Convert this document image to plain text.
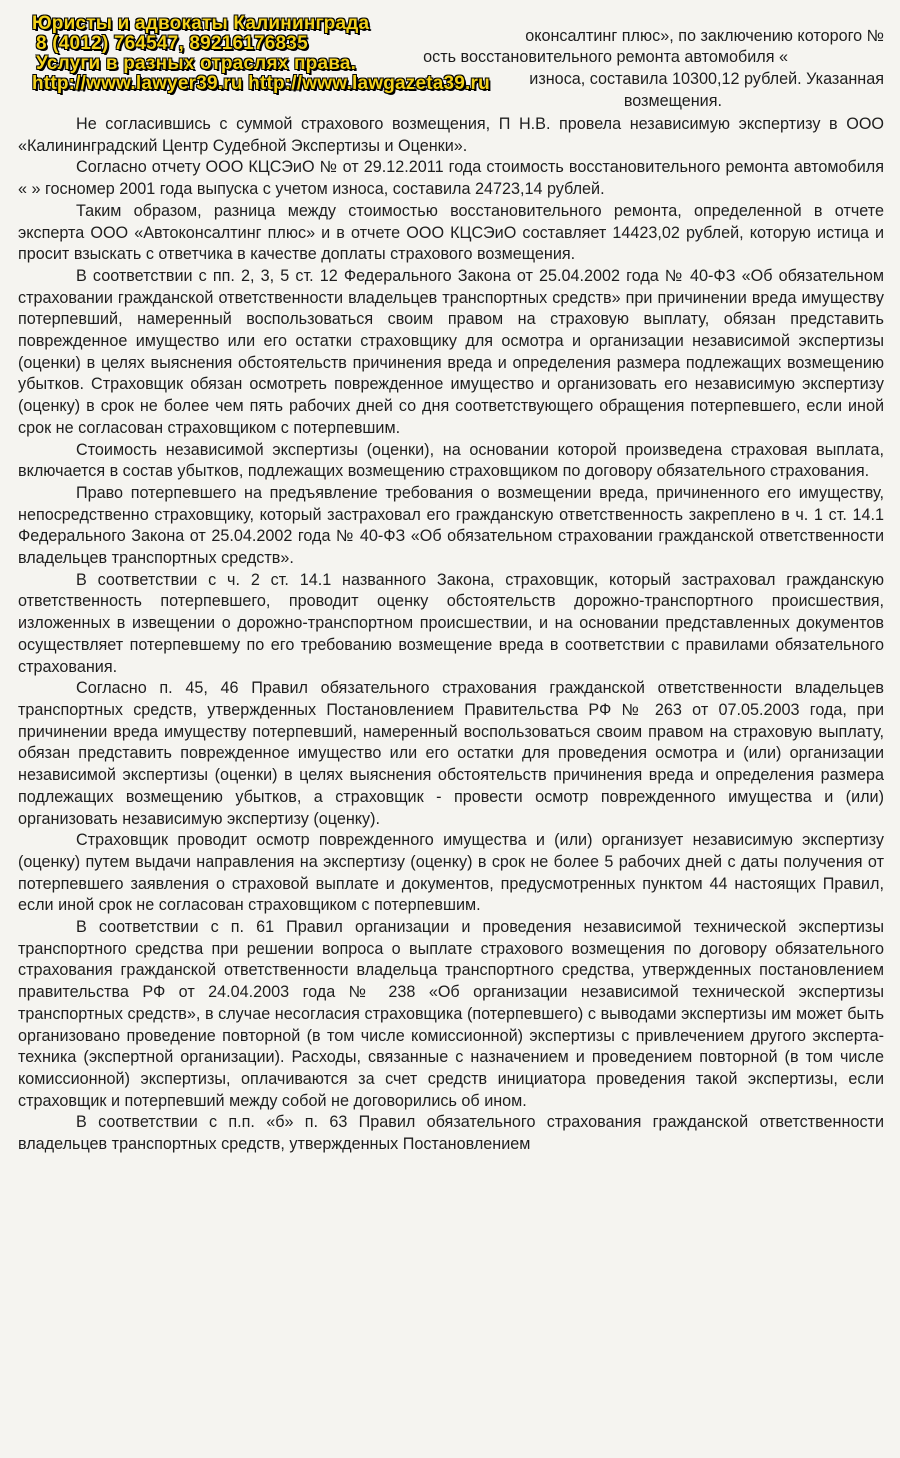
Юристы и адвокаты Калининграда
8 (4012) 764547, 89216176835
Услуги в разных отраслях права.
http://www.lawyer39.ru http://www.lawgazeta39.ru
оконсалтинг плюс», по заключению которого №
ость восстановительного ремонта автомобиля «
износа, составила 10300,12 рублей. Указанная
возмещения.

Не согласившись с суммой страхового возмещения, П Н.В. провела независимую экспертизу в ООО «Калининградский Центр Судебной Экспертизы и Оценки».

Согласно отчету ООО КЦСЭиО № от 29.12.2011 года стоимость восстановительного ремонта автомобиля « » госномер 2001 года выпуска с учетом износа, составила 24723,14 рублей.

Таким образом, разница между стоимостью восстановительного ремонта, определенной в отчете эксперта ООО «Автоконсалтинг плюс» и в отчете ООО КЦСЭиО составляет 14423,02 рублей, которую истица и просит взыскать с ответчика в качестве доплаты страхового возмещения.

В соответствии с пп. 2, 3, 5 ст. 12 Федерального Закона от 25.04.2002 года № 40-ФЗ «Об обязательном страховании гражданской ответственности владельцев транспортных средств» при причинении вреда имуществу потерпевший, намеренный воспользоваться своим правом на страховую выплату, обязан представить поврежденное имущество или его остатки страховщику для осмотра и организации независимой экспертизы (оценки) в целях выяснения обстоятельств причинения вреда и определения размера подлежащих возмещению убытков. Страховщик обязан осмотреть поврежденное имущество и организовать его независимую экспертизу (оценку) в срок не более чем пять рабочих дней со дня соответствующего обращения потерпевшего, если иной срок не согласован страховщиком с потерпевшим.

Стоимость независимой экспертизы (оценки), на основании которой произведена страховая выплата, включается в состав убытков, подлежащих возмещению страховщиком по договору обязательного страхования.

Право потерпевшего на предъявление требования о возмещении вреда, причиненного его имуществу, непосредственно страховщику, который застраховал его гражданскую ответственность закреплено в ч. 1 ст. 14.1 Федерального Закона от 25.04.2002 года № 40-ФЗ «Об обязательном страховании гражданской ответственности владельцев транспортных средств».

В соответствии с ч. 2 ст. 14.1 названного Закона, страховщик, который застраховал гражданскую ответственность потерпевшего, проводит оценку обстоятельств дорожно-транспортного происшествия, изложенных в извещении о дорожно-транспортном происшествии, и на основании представленных документов осуществляет потерпевшему по его требованию возмещение вреда в соответствии с правилами обязательного страхования.

Согласно п. 45, 46 Правил обязательного страхования гражданской ответственности владельцев транспортных средств, утвержденных Постановлением Правительства РФ № 263 от 07.05.2003 года, при причинении вреда имуществу потерпевший, намеренный воспользоваться своим правом на страховую выплату, обязан представить поврежденное имущество или его остатки для проведения осмотра и (или) организации независимой экспертизы (оценки) в целях выяснения обстоятельств причинения вреда и определения размера подлежащих возмещению убытков, а страховщик - провести осмотр поврежденного имущества и (или) организовать независимую экспертизу (оценку).

Страховщик проводит осмотр поврежденного имущества и (или) организует независимую экспертизу (оценку) путем выдачи направления на экспертизу (оценку) в срок не более 5 рабочих дней с даты получения от потерпевшего заявления о страховой выплате и документов, предусмотренных пунктом 44 настоящих Правил, если иной срок не согласован страховщиком с потерпевшим.

В соответствии с п. 61 Правил организации и проведения независимой технической экспертизы транспортного средства при решении вопроса о выплате страхового возмещения по договору обязательного страхования гражданской ответственности владельца транспортного средства, утвержденных постановлением правительства РФ от 24.04.2003 года № 238 «Об организации независимой технической экспертизы транспортных средств», в случае несогласия страховщика (потерпевшего) с выводами экспертизы им может быть организовано проведение повторной (в том числе комиссионной) экспертизы с привлечением другого эксперта-техника (экспертной организации). Расходы, связанные с назначением и проведением повторной (в том числе комиссионной) экспертизы, оплачиваются за счет средств инициатора проведения такой экспертизы, если страховщик и потерпевший между собой не договорились об ином.

В соответствии с п.п. «б» п. 63 Правил обязательного страхования гражданской ответственности владельцев транспортных средств, утвержденных Постановлением
